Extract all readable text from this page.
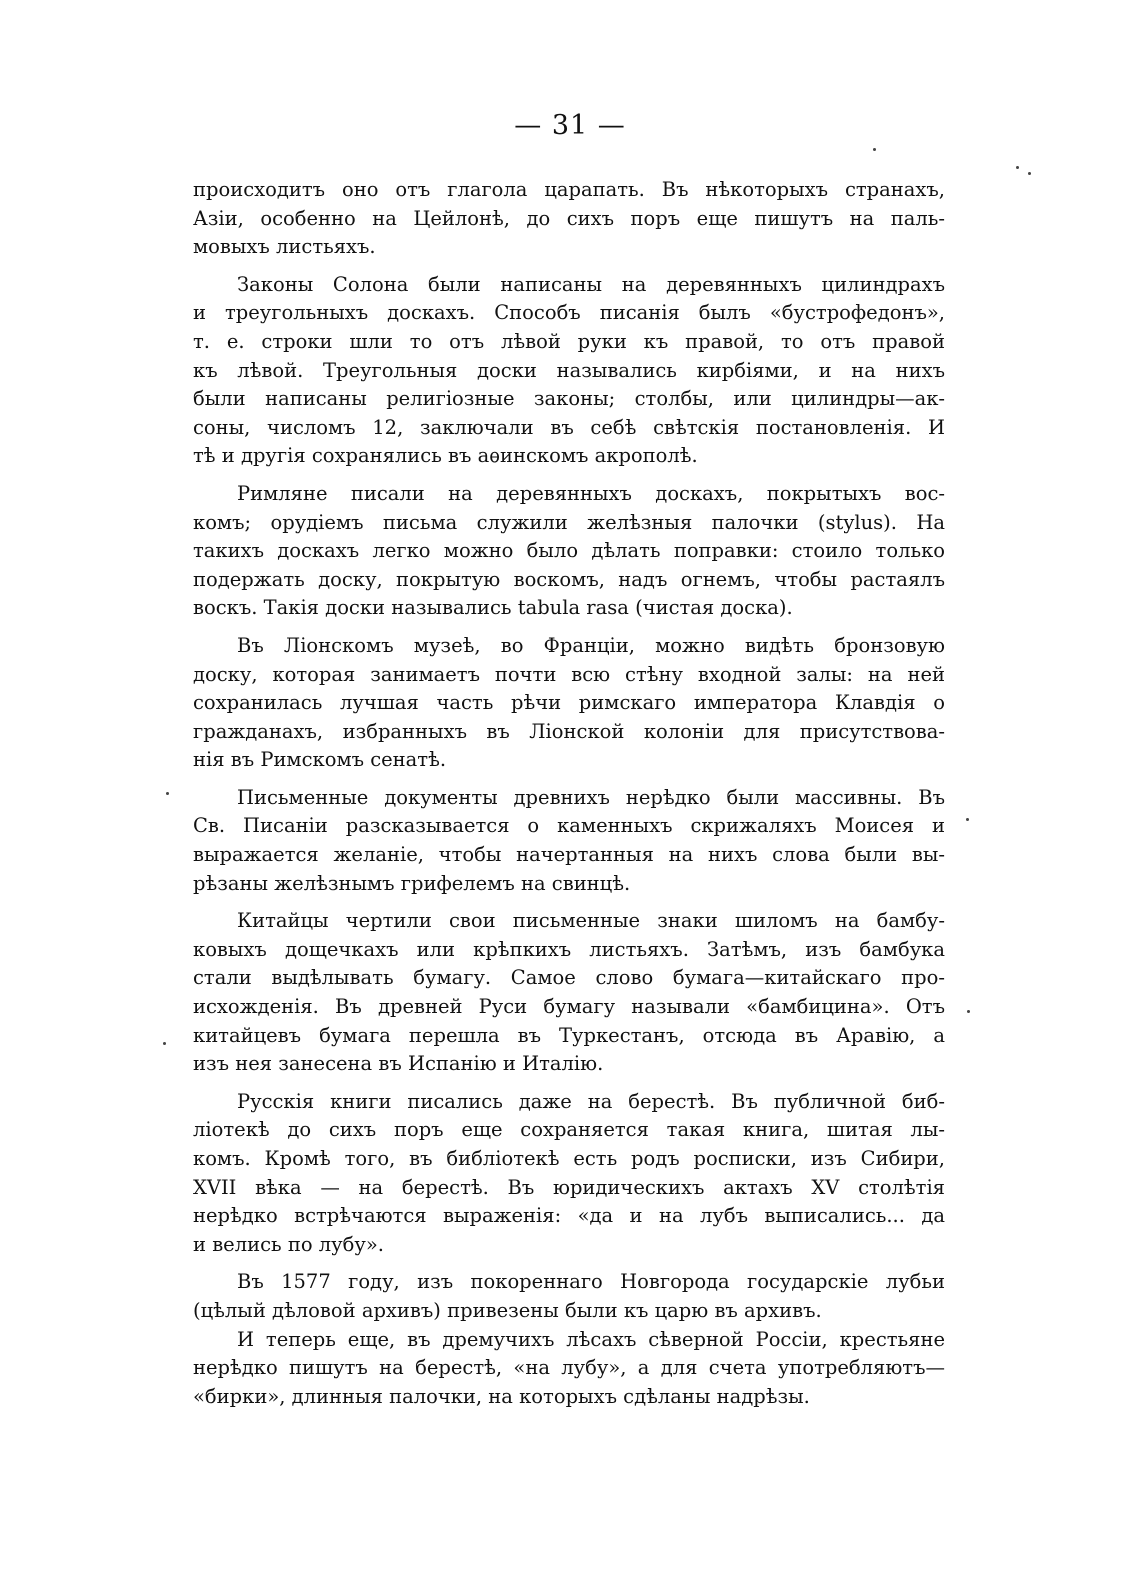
— 31 —
происходитъ оно отъ глагола царапать. Въ нѣкоторыхъ странахъ,
Азіи, особенно на Цейлонѣ, до сихъ поръ еще пишутъ на паль-
мовыхъ листьяхъ.
Законы Солона были написаны на деревянныхъ цилиндрахъ
и треугольныхъ доскахъ. Способъ писанія былъ «бустрофедонъ»,
т. е. строки шли то отъ лѣвой руки къ правой, то отъ правой
къ лѣвой. Треугольныя доски назывались кирбіями, и на нихъ
были написаны религіозные законы; столбы, или цилиндры—ак-
соны, числомъ 12, заключали въ себѣ свѣтскія постановленія. И
тѣ и другія сохранялись въ аѳинскомъ акрополѣ.
Римляне писали на деревянныхъ доскахъ, покрытыхъ вос-
комъ; орудіемъ письма служили желѣзныя палочки (stylus). На
такихъ доскахъ легко можно было дѣлать поправки: стоило только
подержать доску, покрытую воскомъ, надъ огнемъ, чтобы растаялъ
воскъ. Такія доски назывались tabula rasa (чистая доска).
Въ Ліонскомъ музеѣ, во Франціи, можно видѣть бронзовую
доску, которая занимаетъ почти всю стѣну входной залы: на ней
сохранилась лучшая часть рѣчи римскаго императора Клавдія о
гражданахъ, избранныхъ въ Ліонской колоніи для присутствова-
нія въ Римскомъ сенатѣ.
Письменные документы древнихъ нерѣдко были массивны. Въ
Св. Писаніи разсказывается о каменныхъ скрижаляхъ Моисея и
выражается желаніе, чтобы начертанныя на нихъ слова были вы-
рѣзаны желѣзнымъ грифелемъ на свинцѣ.
Китайцы чертили свои письменные знаки шиломъ на бамбу-
ковыхъ дощечкахъ или крѣпкихъ листьяхъ. Затѣмъ, изъ бамбука
стали выдѣлывать бумагу. Самое слово бумага—китайскаго про-
исхожденія. Въ древней Руси бумагу называли «бамбицина». Отъ
китайцевъ бумага перешла въ Туркестанъ, отсюда въ Аравію, а
изъ нея занесена въ Испанію и Италію.
Русскія книги писались даже на берестѣ. Въ публичной биб-
ліотекѣ до сихъ поръ еще сохраняется такая книга, шитая лы-
комъ. Кромѣ того, въ библіотекѣ есть родъ росписки, изъ Сибири,
XVII вѣка — на берестѣ. Въ юридическихъ актахъ XV столѣтія
нерѣдко встрѣчаются выраженія: «да и на лубъ выписались... да
и велись по лубу».
Въ 1577 году, изъ покореннаго Новгорода государскіе лубьи
(цѣлый дѣловой архивъ) привезены были къ царю въ архивъ.
И теперь еще, въ дремучихъ лѣсахъ сѣверной Россіи, крестьяне
нерѣдко пишутъ на берестѣ, «на лубу», а для счета употребляютъ—
«бирки», длинныя палочки, на которыхъ сдѣланы надрѣзы.
